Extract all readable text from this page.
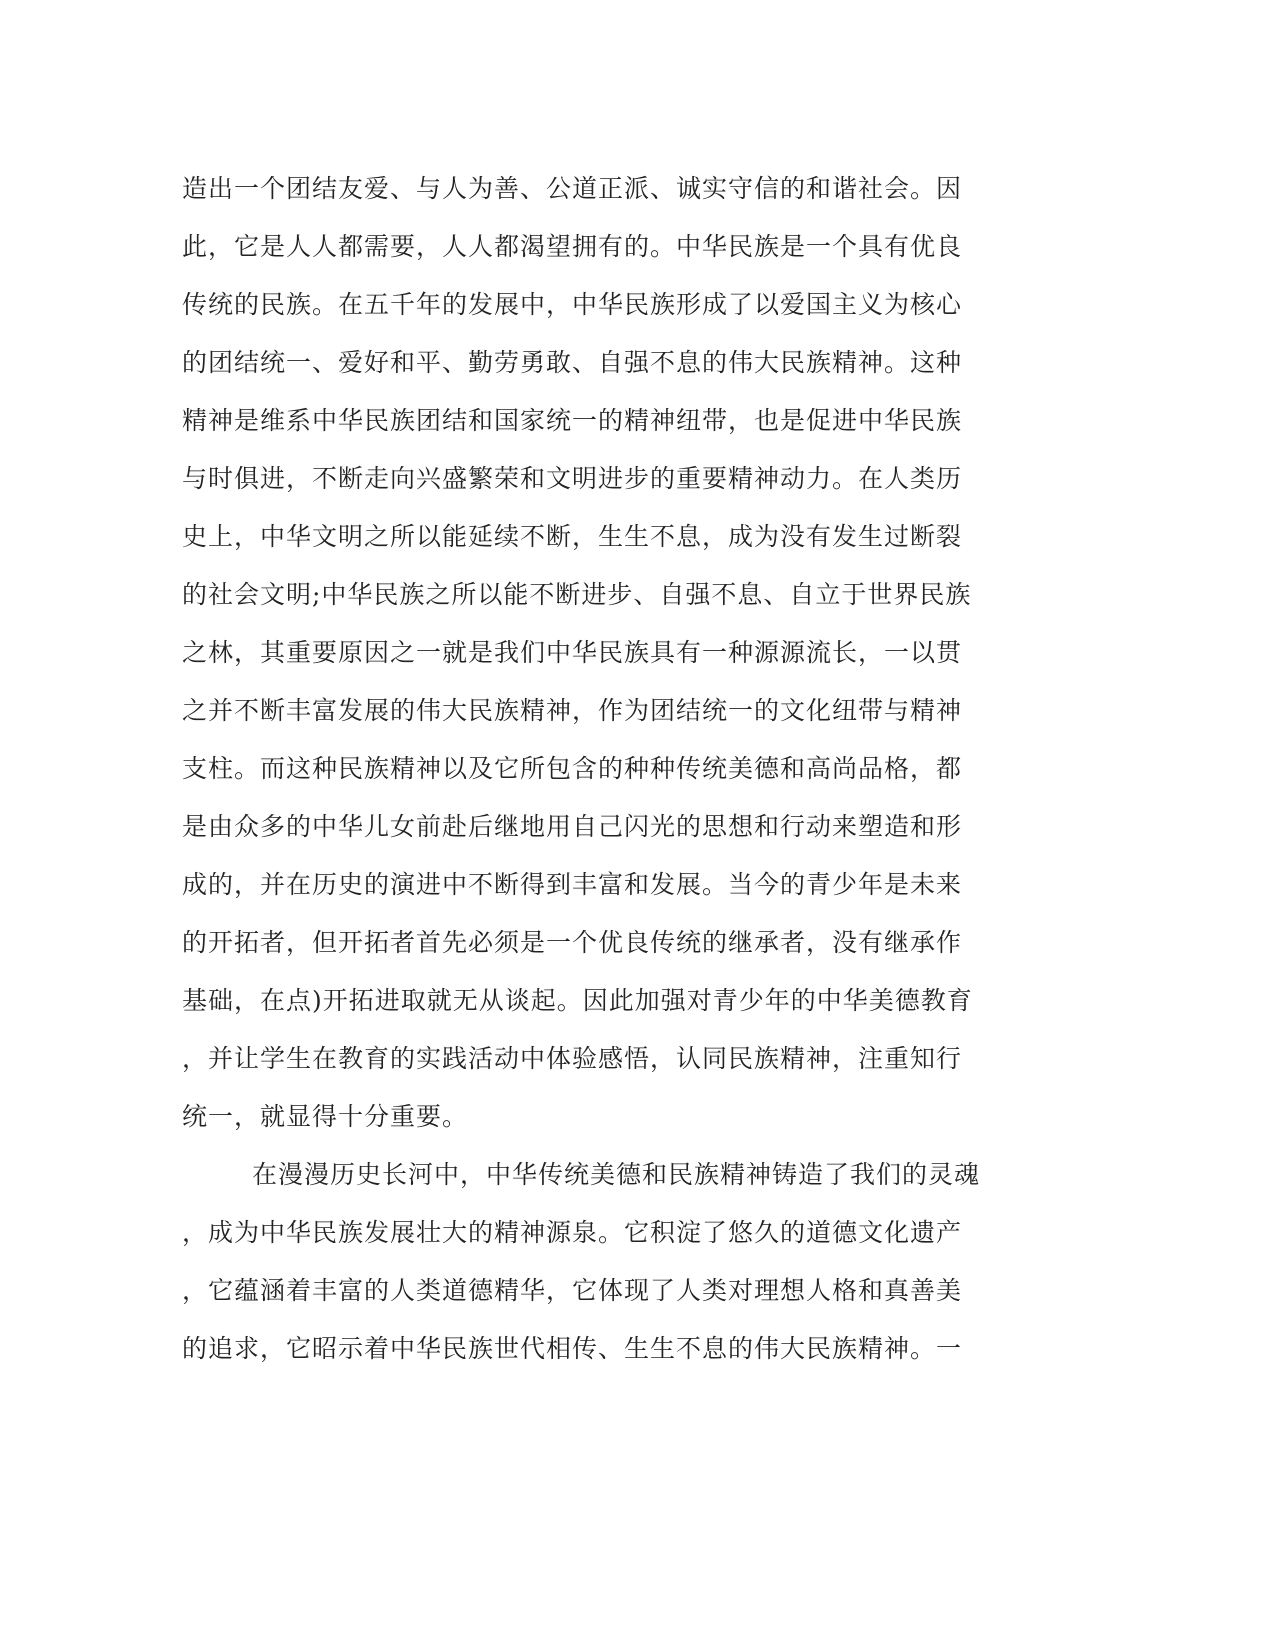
造出一个团结友爱、与人为善、公道正派、诚实守信的和谐社会。因
此，它是人人都需要，人人都渴望拥有的。中华民族是一个具有优良
传统的民族。在五千年的发展中，中华民族形成了以爱国主义为核心
的团结统一、爱好和平、勤劳勇敢、自强不息的伟大民族精神。这种
精神是维系中华民族团结和国家统一的精神纽带，也是促进中华民族
与时俱进，不断走向兴盛繁荣和文明进步的重要精神动力。在人类历
史上，中华文明之所以能延续不断，生生不息，成为没有发生过断裂
的社会文明;中华民族之所以能不断进步、自强不息、自立于世界民族
之林，其重要原因之一就是我们中华民族具有一种源源流长，一以贯
之并不断丰富发展的伟大民族精神，作为团结统一的文化纽带与精神
支柱。而这种民族精神以及它所包含的种种传统美德和高尚品格，都
是由众多的中华儿女前赴后继地用自己闪光的思想和行动来塑造和形
成的，并在历史的演进中不断得到丰富和发展。当今的青少年是未来
的开拓者，但开拓者首先必须是一个优良传统的继承者，没有继承作
基础，在点)开拓进取就无从谈起。因此加强对青少年的中华美德教育
，并让学生在教育的实践活动中体验感悟，认同民族精神，注重知行
统一，就显得十分重要。
在漫漫历史长河中，中华传统美德和民族精神铸造了我们的灵魂
，成为中华民族发展壮大的精神源泉。它积淀了悠久的道德文化遗产
，它蕴涵着丰富的人类道德精华，它体现了人类对理想人格和真善美
的追求，它昭示着中华民族世代相传、生生不息的伟大民族精神。一
